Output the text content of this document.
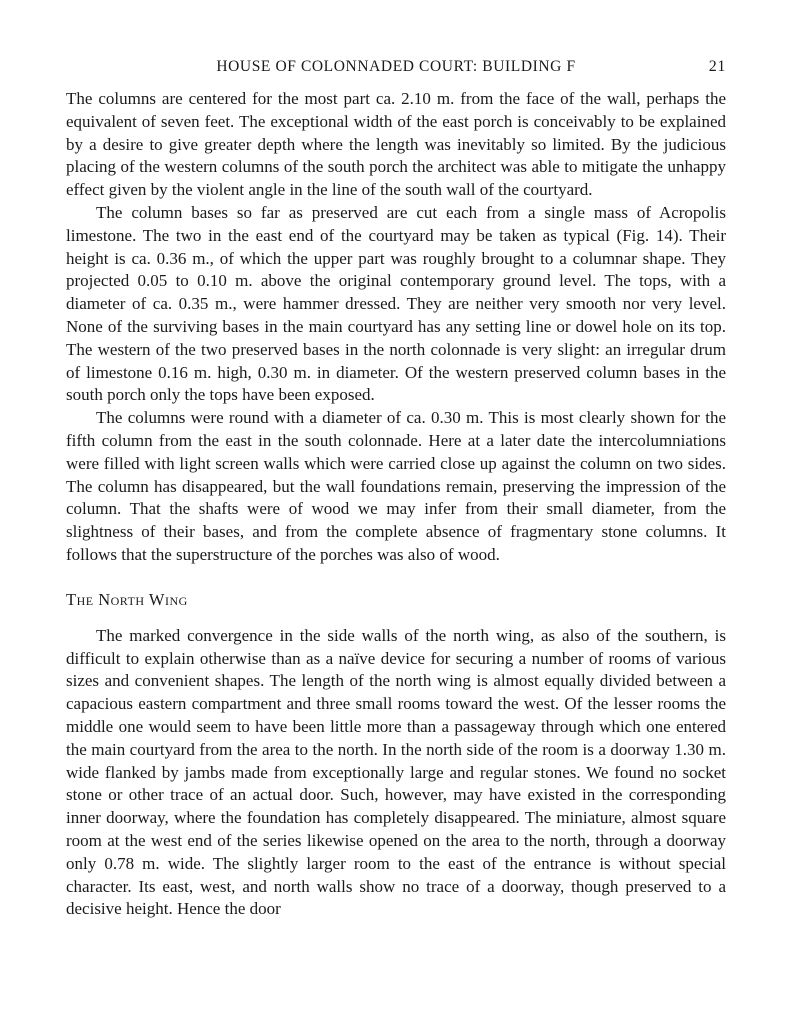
HOUSE OF COLONNADED COURT: BUILDING F	21

The columns are centered for the most part ca. 2.10 m. from the face of the wall, perhaps the equivalent of seven feet. The exceptional width of the east porch is conceivably to be explained by a desire to give greater depth where the length was inevitably so limited. By the judicious placing of the western columns of the south porch the architect was able to mitigate the unhappy effect given by the violent angle in the line of the south wall of the courtyard.

The column bases so far as preserved are cut each from a single mass of Acropolis limestone. The two in the east end of the courtyard may be taken as typical (Fig. 14). Their height is ca. 0.36 m., of which the upper part was roughly brought to a columnar shape. They projected 0.05 to 0.10 m. above the original contemporary ground level. The tops, with a diameter of ca. 0.35 m., were hammer dressed. They are neither very smooth nor very level. None of the surviving bases in the main courtyard has any setting line or dowel hole on its top. The western of the two preserved bases in the north colonnade is very slight: an irregular drum of limestone 0.16 m. high, 0.30 m. in diameter. Of the western preserved column bases in the south porch only the tops have been exposed.

The columns were round with a diameter of ca. 0.30 m. This is most clearly shown for the fifth column from the east in the south colonnade. Here at a later date the intercolumniations were filled with light screen walls which were carried close up against the column on two sides. The column has disappeared, but the wall foundations remain, preserving the impression of the column. That the shafts were of wood we may infer from their small diameter, from the slightness of their bases, and from the complete absence of fragmentary stone columns. It follows that the superstructure of the porches was also of wood.

The North Wing

The marked convergence in the side walls of the north wing, as also of the southern, is difficult to explain otherwise than as a naïve device for securing a number of rooms of various sizes and convenient shapes. The length of the north wing is almost equally divided between a capacious eastern compartment and three small rooms toward the west. Of the lesser rooms the middle one would seem to have been little more than a passageway through which one entered the main courtyard from the area to the north. In the north side of the room is a doorway 1.30 m. wide flanked by jambs made from exceptionally large and regular stones. We found no socket stone or other trace of an actual door. Such, however, may have existed in the corresponding inner doorway, where the foundation has completely disappeared. The miniature, almost square room at the west end of the series likewise opened on the area to the north, through a doorway only 0.78 m. wide. The slightly larger room to the east of the entrance is without special character. Its east, west, and north walls show no trace of a doorway, though preserved to a decisive height. Hence the door
